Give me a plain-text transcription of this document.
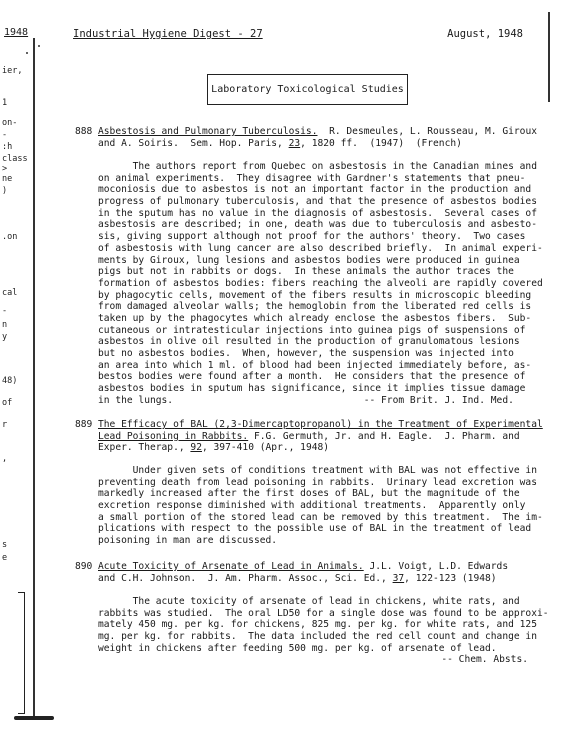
1948
ier,
1
on-
-
:h
class
>
ne
)
.on
cal
-
n
y
48)
of
r
,
s
e
Industrial Hygiene Digest - 27	August, 1948
Laboratory Toxicological Studies
888 Asbestosis and Pulmonary Tuberculosis. R. Desmeules, L. Rousseau, M. Giroux
and A. Soiris.  Sem. Hop. Paris, 23, 1820 ff.  (1947)  (French)
The authors report from Quebec on asbestosis in the Canadian mines and
on animal experiments.  They disagree with Gardner's statements that pneu-
moconiosis due to asbestos is not an important factor in the production and
progress of pulmonary tuberculosis, and that the presence of asbestos bodies
in the sputum has no value in the diagnosis of asbestosis.  Several cases of
asbestosis are described; in one, death was due to tuberculosis and asbesto-
sis, giving support although not proof for the authors' theory.  Two cases
of asbestosis with lung cancer are also described briefly.  In animal experi-
ments by Giroux, lung lesions and asbestos bodies were produced in guinea
pigs but not in rabbits or dogs.  In these animals the author traces the
formation of asbestos bodies: fibers reaching the alveoli are rapidly covered
by phagocytic cells, movement of the fibers results in microscopic bleeding
from damaged alveolar walls; the hemoglobin from the liberated red cells is
taken up by the phagocytes which already enclose the asbestos fibers.  Sub-
cutaneous or intratesticular injections into guinea pigs of suspensions of
asbestos in olive oil resulted in the production of granulomatous lesions
but no asbestos bodies.  When, however, the suspension was injected into
an area into which 1 ml. of blood had been injected immediately before, as-
bestos bodies were found after a month.  He considers that the presence of
asbestos bodies in sputum has significance, since it implies tissue damage
in the lungs.                                 -- From Brit. J. Ind. Med.
889 The Efficacy of BAL (2,3-Dimercaptopropanol) in the Treatment of Experimental
Lead Poisoning in Rabbits. F.G. Germuth, Jr. and H. Eagle.  J. Pharm. and
Exper. Therap., 92, 397-410 (Apr., 1948)
Under given sets of conditions treatment with BAL was not effective in
preventing death from lead poisoning in rabbits.  Urinary lead excretion was
markedly increased after the first doses of BAL, but the magnitude of the
excretion response diminished with additional treatments.  Apparently only
a small portion of the stored lead can be removed by this treatment.  The im-
plications with respect to the possible use of BAL in the treatment of lead
poisoning in man are discussed.
890 Acute Toxicity of Arsenate of Lead in Animals. J.L. Voigt, L.D. Edwards
and C.H. Johnson.  J. Am. Pharm. Assoc., Sci. Ed., 37, 122-123 (1948)
The acute toxicity of arsenate of lead in chickens, white rats, and
rabbits was studied.  The oral LD50 for a single dose was found to be approxi-
mately 450 mg. per kg. for chickens, 825 mg. per kg. for white rats, and 125
mg. per kg. for rabbits.  The data included the red cell count and change in
weight in chickens after feeding 500 mg. per kg. of arsenate of lead.
-- Chem. Absts.
